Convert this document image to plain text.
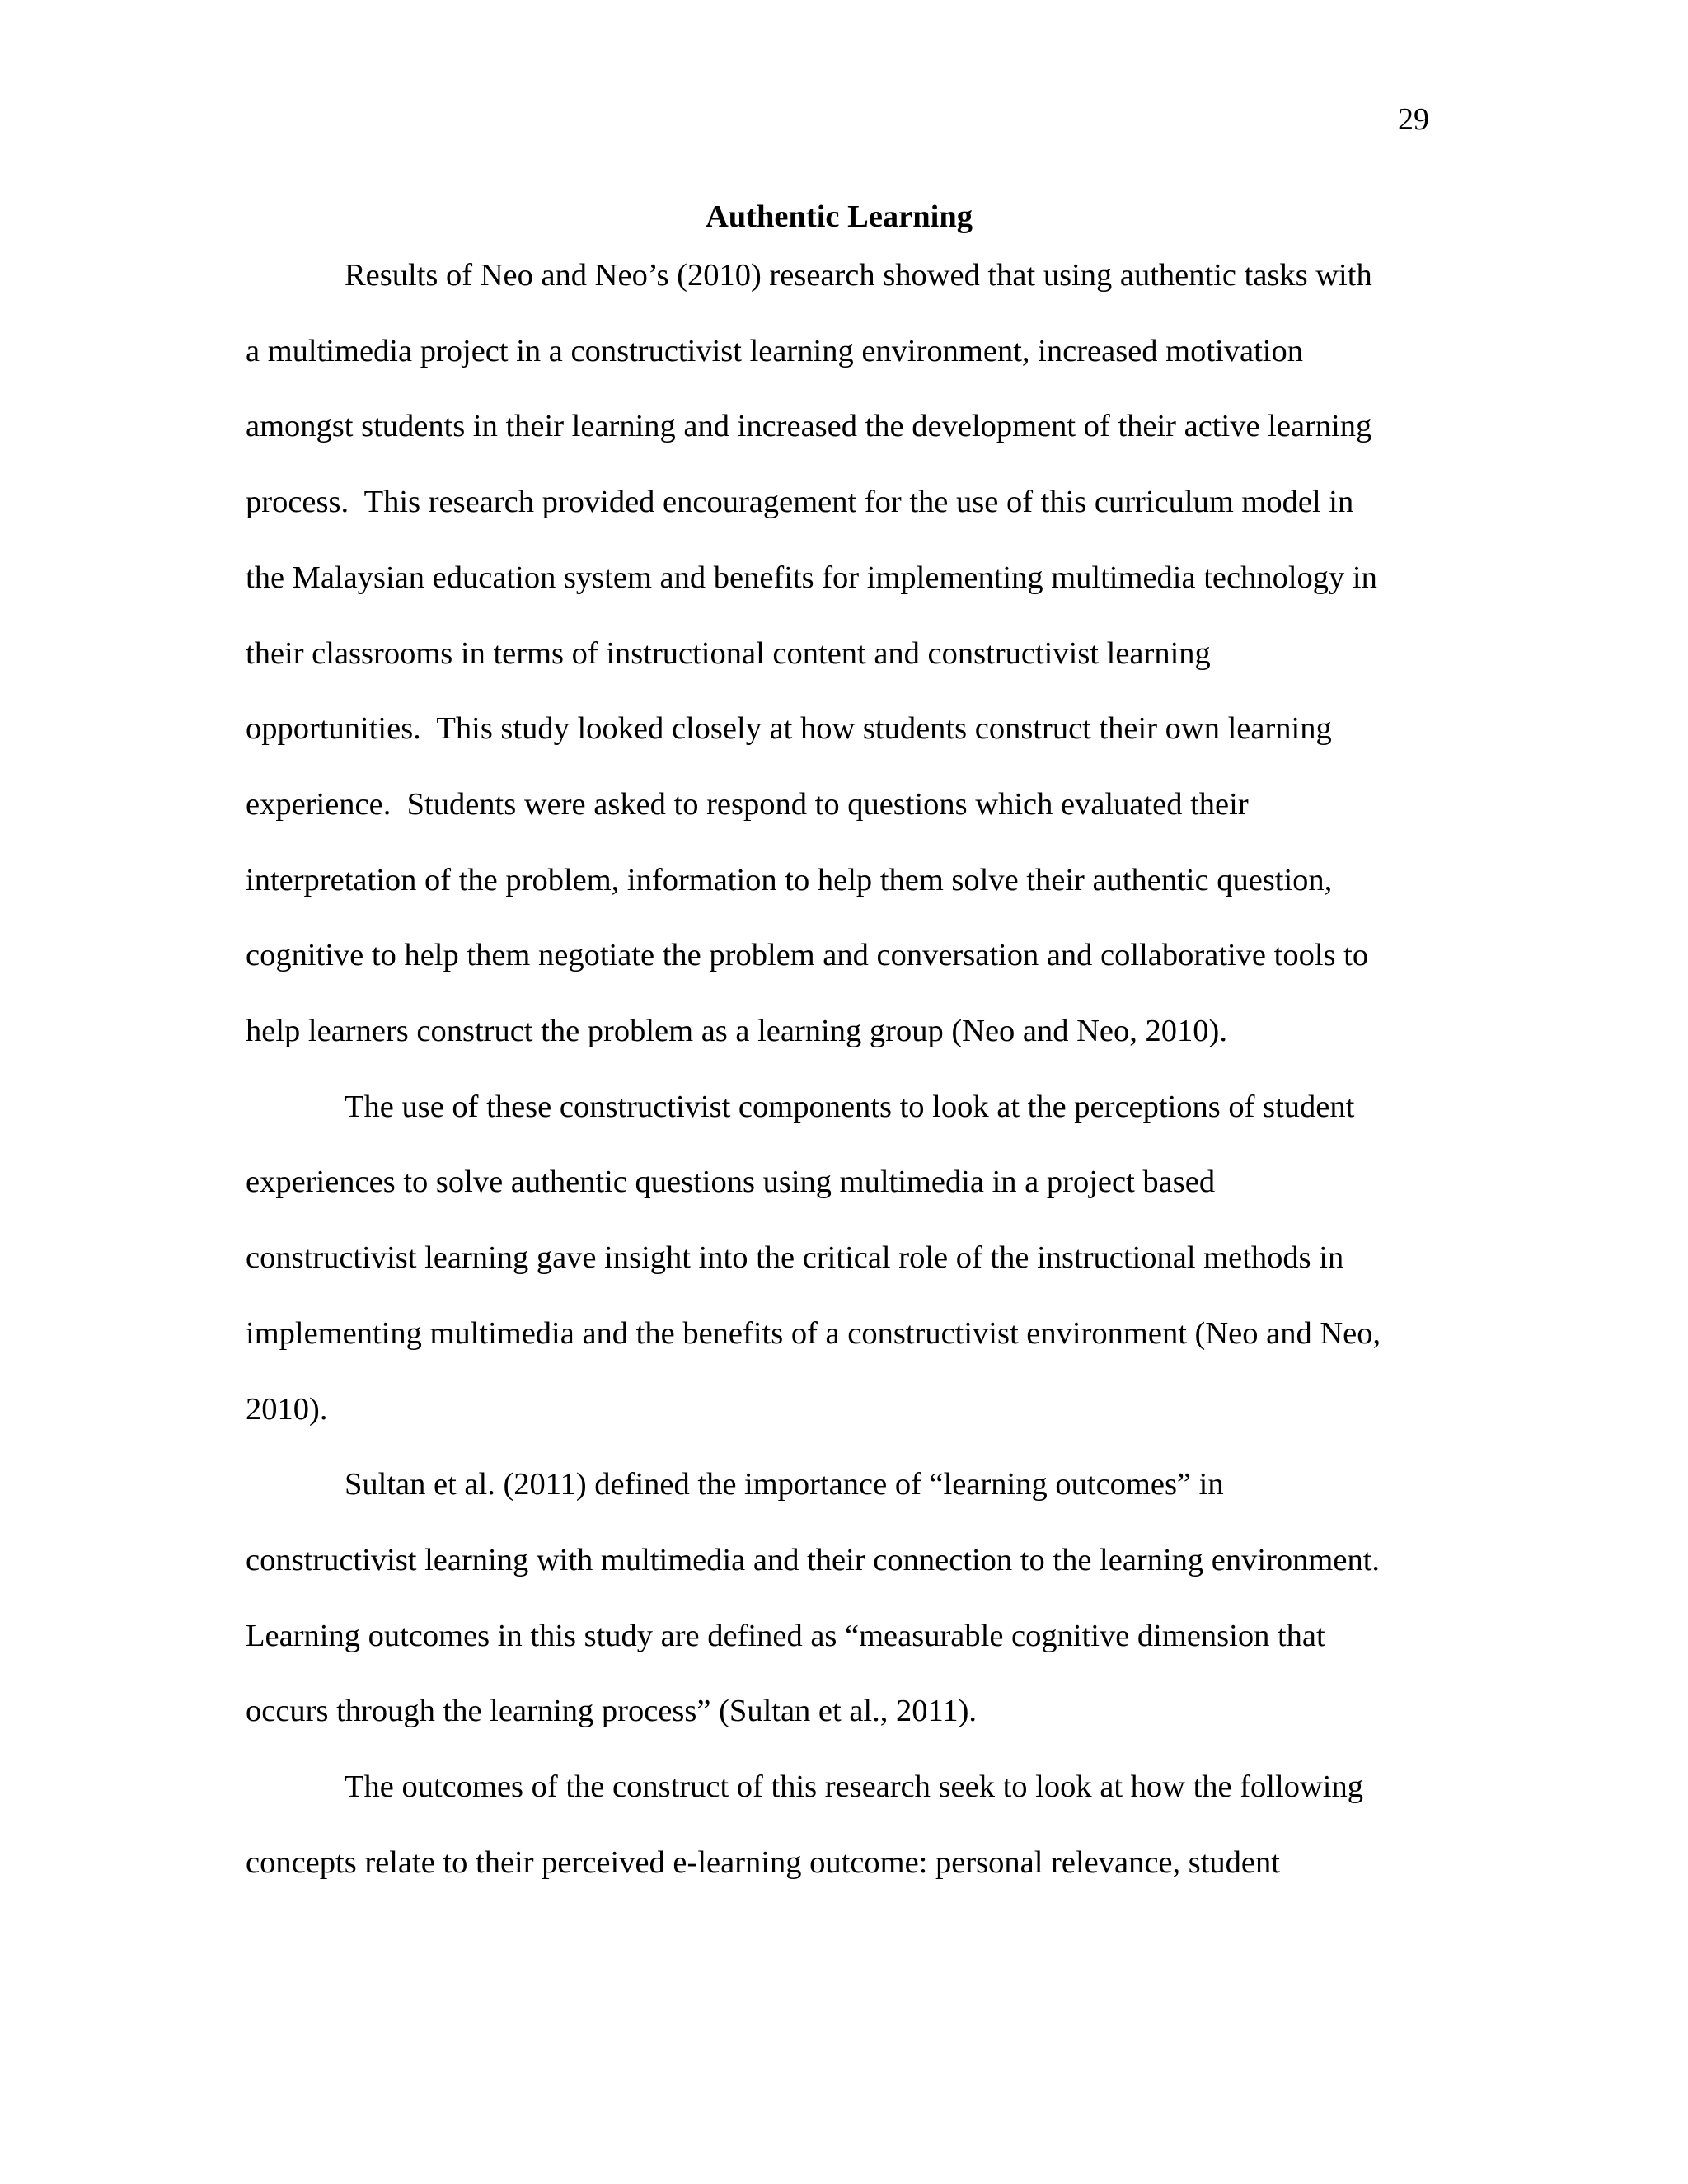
29
Authentic Learning

Results of Neo and Neo’s (2010) research showed that using authentic tasks with
a multimedia project in a constructivist learning environment, increased motivation
amongst students in their learning and increased the development of their active learning
process.  This research provided encouragement for the use of this curriculum model in
the Malaysian education system and benefits for implementing multimedia technology in
their classrooms in terms of instructional content and constructivist learning
opportunities.  This study looked closely at how students construct their own learning
experience.  Students were asked to respond to questions which evaluated their
interpretation of the problem, information to help them solve their authentic question,
cognitive to help them negotiate the problem and conversation and collaborative tools to
help learners construct the problem as a learning group (Neo and Neo, 2010).

The use of these constructivist components to look at the perceptions of student
experiences to solve authentic questions using multimedia in a project based
constructivist learning gave insight into the critical role of the instructional methods in
implementing multimedia and the benefits of a constructivist environment (Neo and Neo,
2010).

Sultan et al. (2011) defined the importance of “learning outcomes” in
constructivist learning with multimedia and their connection to the learning environment.
Learning outcomes in this study are defined as “measurable cognitive dimension that
occurs through the learning process” (Sultan et al., 2011).

The outcomes of the construct of this research seek to look at how the following
concepts relate to their perceived e-learning outcome: personal relevance, student
